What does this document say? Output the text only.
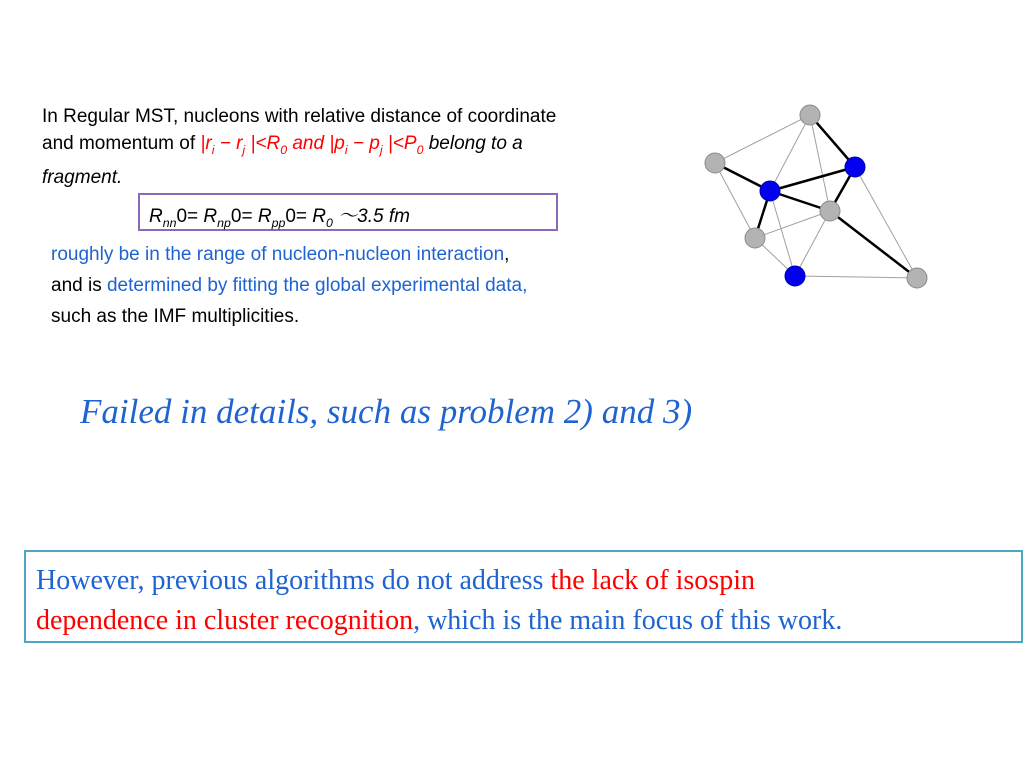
In Regular MST, nucleons with relative distance of coordinate
and momentum of $|r_i - r_j$ $|<R_0$ and $|p_i - p_j$ $|<P_0$ belong to a
fragment.
$R_{nn}0= R_{np}0= R_{pp}0= R_0$ ～3.5 fm
roughly be in the range of nucleon-nucleon interaction,
and is determined by fitting the global experimental data,
such as the IMF multiplicities.
Failed in details, such as problem 2) and 3)
However, previous algorithms do not address the lack of isospin
dependence in cluster recognition, which is the main focus of this work.
